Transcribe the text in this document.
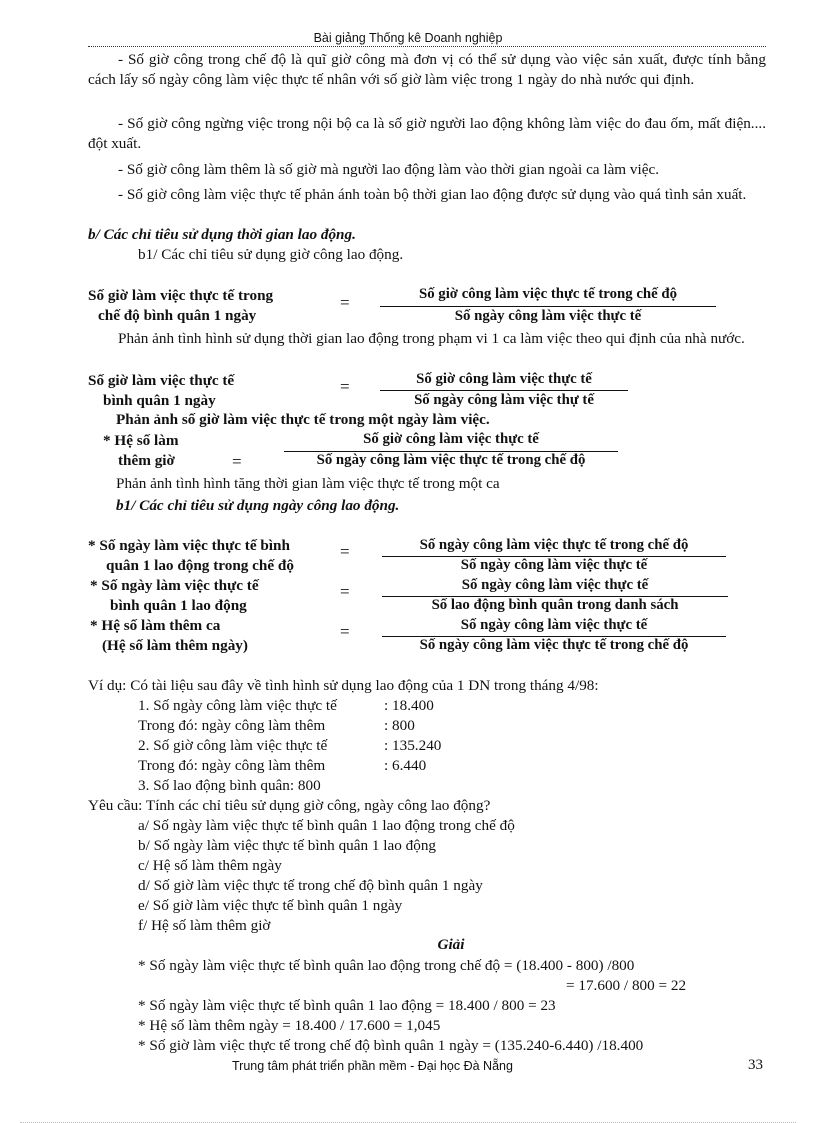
Bài giảng Thống kê Doanh nghiệp
- Số giờ công trong chế độ là quĩ giờ công mà đơn vị có thể sử dụng vào việc sản xuất, được tính bằng cách lấy số ngày công làm việc thực tế nhân với số giờ làm việc trong 1 ngày do nhà nước qui định.
- Số giờ công ngừng việc trong nội bộ ca là số giờ người lao động không làm việc do đau ốm, mất điện.... đột xuất.
- Số giờ công làm thêm là số giờ mà người lao động làm vào thời gian ngoài ca làm việc.
- Số giờ công làm việc thực tế phản ánh toàn bộ thời gian lao động được sử dụng vào quá tình sản xuất.
b/ Các chỉ tiêu sử dụng thời gian lao động.
b1/ Các chỉ tiêu sử dụng giờ công lao động.
Số giờ làm việc thực tế trong
chế độ bình quân 1 ngày
=	Số giờ công làm việc thực tế trong chế độ
Số ngày công làm việc thực tế
Phản ảnh tình hình sử dụng thời gian lao động trong phạm vi 1 ca làm việc theo qui định của nhà nước.
Số giờ làm việc thực tế
bình quân 1 ngày
=	Số giờ công làm việc thực tế
Số ngày công làm việc thự tế
Phản ảnh số giờ làm việc thực tế trong một ngày làm việc.
* Hệ số làm
thêm giờ	=
Số giờ công làm việc thực tế
Số ngày công làm việc thực tế trong chế độ
Phản ảnh tình hình tăng thời gian làm việc thực tế trong một ca
b1/ Các chỉ tiêu sử dụng ngày công lao động.
* Số ngày làm việc thực tế bình
quân 1 lao động trong chế độ
=	Số ngày công làm việc thực tế trong chế độ
Số ngày công làm việc thực tế
* Số ngày làm việc thực tế
bình quân 1 lao động
=	Số ngày công làm việc thực tế
Số lao động bình quân trong danh sách
* Hệ số làm thêm ca
(Hệ số làm thêm ngày)
=	Số ngày công làm việc thực tế
Số ngày công làm việc thực tế trong chế độ
Ví dụ: Có tài liệu sau đây về tình hình sử dụng lao động của 1 DN trong tháng 4/98:
1. Số ngày công làm việc thực tế	: 18.400
Trong đó: ngày công làm thêm	: 800
2. Số giờ công làm việc thực tế	: 135.240
Trong đó: ngày công làm thêm	: 6.440
3. Số lao động bình quân: 800
Yêu cầu: Tính các chỉ tiêu sử dụng giờ công, ngày công lao động?
a/ Số ngày làm việc thực tế bình quân 1 lao động trong chế độ
b/ Số ngày làm việc thực tế bình quân 1 lao động
c/ Hệ số làm thêm ngày
d/ Số giờ làm việc thực tế trong chế độ bình quân 1 ngày
e/ Số giờ làm việc thực tế bình quân 1 ngày
f/ Hệ số làm thêm giờ
Giải
* Số ngày làm việc thực tế bình quân lao động trong chế độ = (18.400 - 800) /800
= 17.600 / 800 = 22
* Số ngày làm việc thực tế bình quân 1 lao động = 18.400 / 800 = 23
* Hệ số làm thêm ngày = 18.400 / 17.600 = 1,045
* Số giờ làm việc thực tế trong chế độ bình quân 1 ngày = (135.240-6.440) /18.400
Trung tâm phát triển phần mềm - Đại học Đà Nẵng	33
